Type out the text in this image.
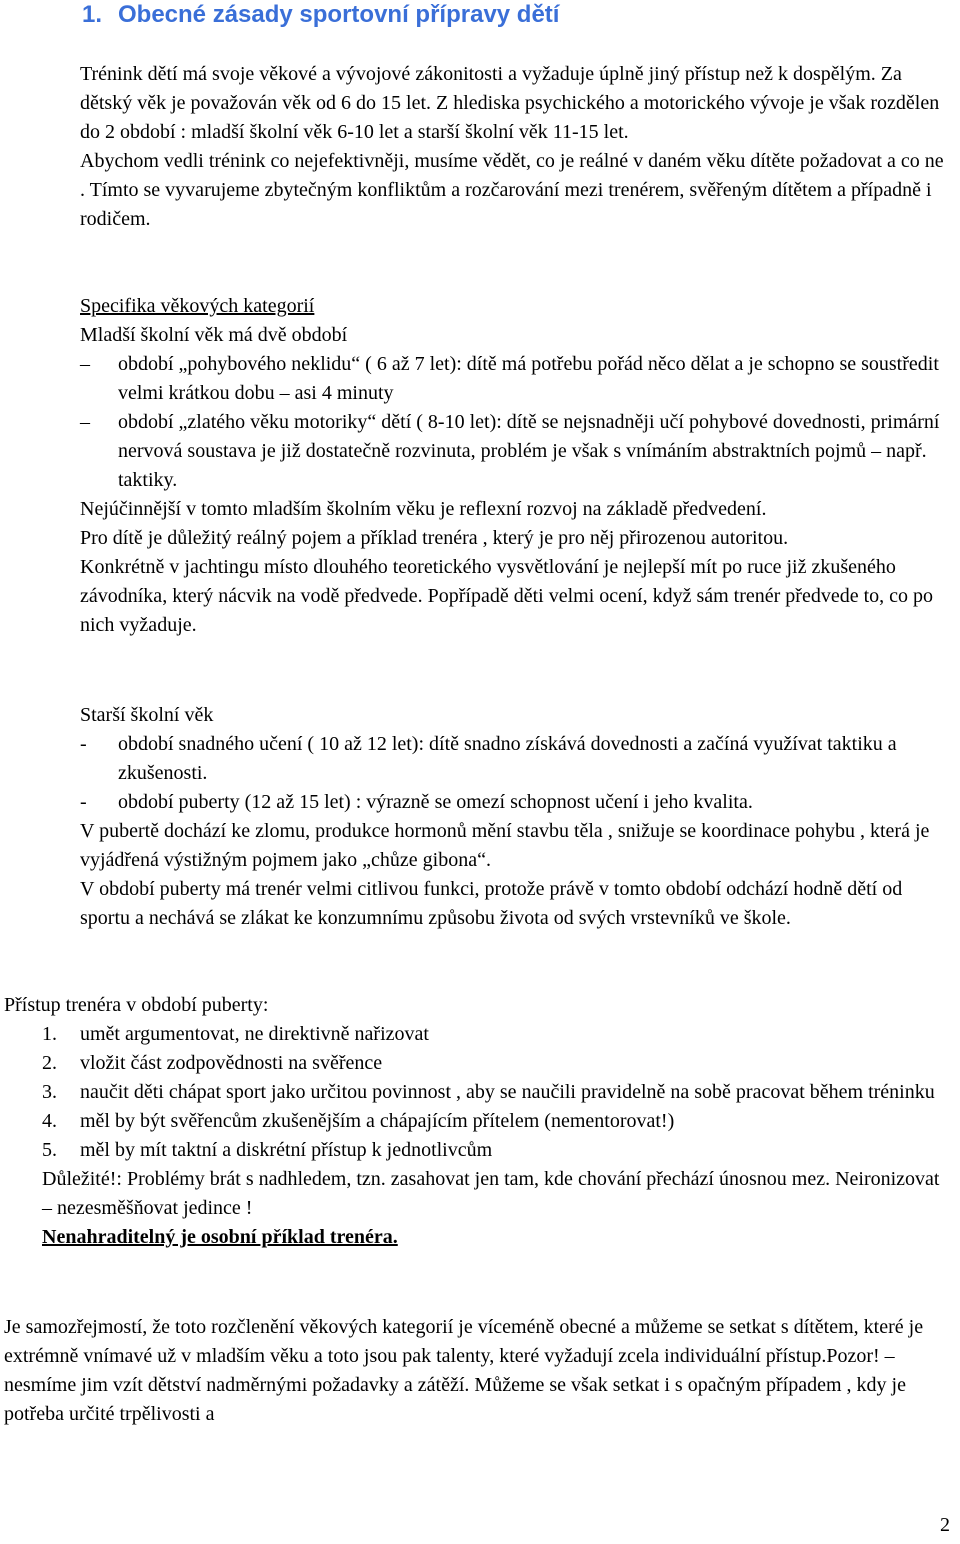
1. Obecné zásady sportovní přípravy dětí

Trénink dětí má svoje věkové a vývojové zákonitosti a vyžaduje úplně jiný přístup než k dospělým. Za dětský věk je považován věk od 6 do 15 let. Z hlediska psychického a motorického vývoje je však rozdělen do 2 období : mladší školní věk 6-10 let a starší školní věk 11-15 let.

Abychom vedli trénink co nejefektivněji, musíme vědět, co je reálné v daném věku dítěte požadovat a co ne . Tímto se vyvarujeme zbytečným konfliktům a rozčarování mezi trenérem, svěřeným dítětem a případně i rodičem.

Specifika věkových kategorií

Mladší školní věk má dvě období

–	období „pohybového neklidu“ ( 6 až 7 let): dítě má potřebu pořád něco dělat a je schopno se soustředit velmi krátkou dobu – asi 4 minuty
–	období „zlatého věku motoriky“ dětí ( 8-10 let): dítě se nejsnadněji učí pohybové dovednosti, primární nervová soustava je již dostatečně rozvinuta, problém je však s vnímáním abstraktních pojmů – např. taktiky.

Nejúčinnější v tomto mladším školním věku je reflexní rozvoj na základě předvedení.

Pro dítě je důležitý reálný pojem a příklad trenéra , který je pro něj přirozenou autoritou.

Konkrétně v jachtingu místo dlouhého teoretického vysvětlování je nejlepší mít po ruce již zkušeného závodníka, který nácvik na vodě předvede. Popřípadě děti velmi ocení, když sám trenér předvede to, co po nich vyžaduje.

Starší školní věk

-	období snadného učení ( 10 až 12 let): dítě snadno získává dovednosti a začíná využívat taktiku a zkušenosti.
-	období puberty (12 až 15 let) : výrazně se omezí schopnost učení i jeho kvalita.

V pubertě dochází ke zlomu, produkce hormonů mění stavbu těla , snižuje se koordinace pohybu , která je vyjádřená výstižným pojmem jako „chůze gibona“.

V období puberty má trenér velmi citlivou funkci, protože právě v tomto období odchází hodně dětí od sportu a nechává se zlákat ke konzumnímu způsobu života od svých vrstevníků ve škole.

Přístup trenéra v období puberty:

1.	umět argumentovat, ne direktivně nařizovat
2.	vložit část zodpovědnosti na svěřence
3.	naučit děti chápat sport jako určitou povinnost , aby se naučili pravidelně na sobě pracovat během tréninku
4.	měl by být svěřencům zkušenějším a chápajícím přítelem (nementorovat!)
5.	měl by mít taktní a diskrétní přístup k jednotlivcům

Důležité!: Problémy brát s nadhledem, tzn. zasahovat jen tam, kde chování přechází únosnou mez. Neironizovat – nezesměšňovat jedince !

Nenahraditelný je osobní příklad trenéra.

Je samozřejmostí, že toto rozčlenění věkových kategorií je víceméně obecné a můžeme se setkat s dítětem, které je extrémně vnímavé už v mladším věku a toto jsou pak talenty, které vyžadují zcela individuální přístup.Pozor! – nesmíme jim vzít dětství nadměrnými požadavky a zátěží. Můžeme se však setkat i s opačným případem , kdy je potřeba určité trpělivosti a

2
